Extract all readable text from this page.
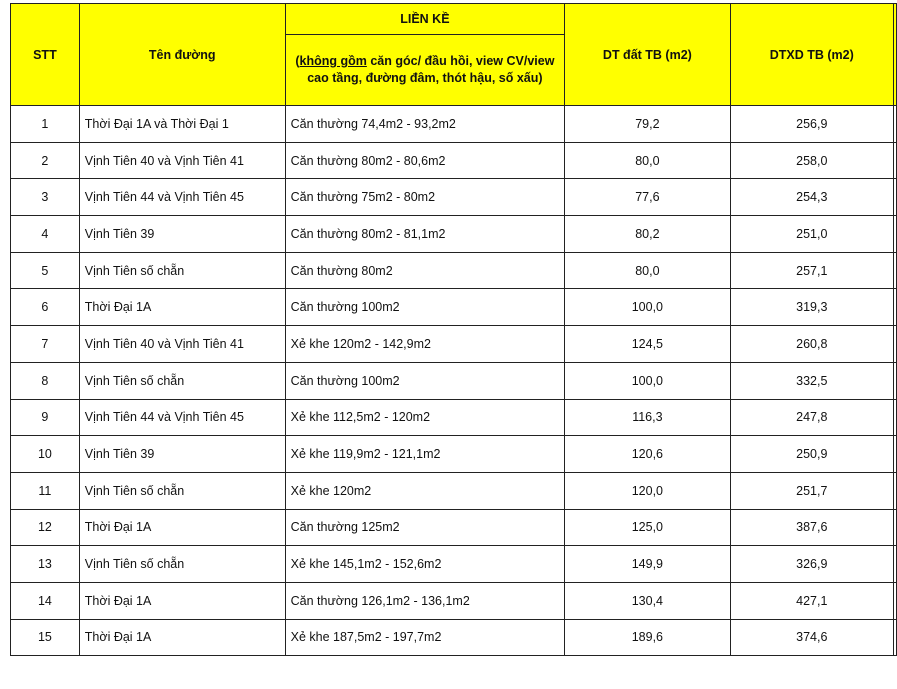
STT	Tên đường	LIỀN KỀ	DT đất TB (m2)	DTXD TB (m2)	
		(không gồm căn góc/ đầu hồi, view CV/view cao tầng, đường đâm, thót hậu, số xấu)			
1	Thời Đại 1A và Thời Đại 1	Căn thường 74,4m2 - 93,2m2	79,2	256,9	
2	Vịnh Tiên 40 và Vịnh Tiên 41	Căn thường 80m2 - 80,6m2	80,0	258,0	
3	Vịnh Tiên 44 và Vịnh Tiên 45	Căn thường 75m2 - 80m2	77,6	254,3	
4	Vịnh Tiên 39	Căn thường 80m2 - 81,1m2	80,2	251,0	
5	Vịnh Tiên số chẵn	Căn thường 80m2	80,0	257,1	
6	Thời Đại 1A	Căn thường 100m2	100,0	319,3	
7	Vịnh Tiên 40 và Vịnh Tiên 41	Xẻ khe 120m2 - 142,9m2	124,5	260,8	
8	Vịnh Tiên số chẵn	Căn thường 100m2	100,0	332,5	
9	Vịnh Tiên 44 và Vịnh Tiên 45	Xẻ khe 112,5m2 - 120m2	116,3	247,8	
10	Vịnh Tiên 39	Xẻ khe 119,9m2 - 121,1m2	120,6	250,9	
11	Vịnh Tiên số chẵn	Xẻ khe 120m2	120,0	251,7	
12	Thời Đại 1A	Căn thường 125m2	125,0	387,6	
13	Vịnh Tiên số chẵn	Xẻ khe 145,1m2 - 152,6m2	149,9	326,9	
14	Thời Đại 1A	Căn thường 126,1m2 - 136,1m2	130,4	427,1	
15	Thời Đại 1A	Xẻ khe 187,5m2 - 197,7m2	189,6	374,6	
